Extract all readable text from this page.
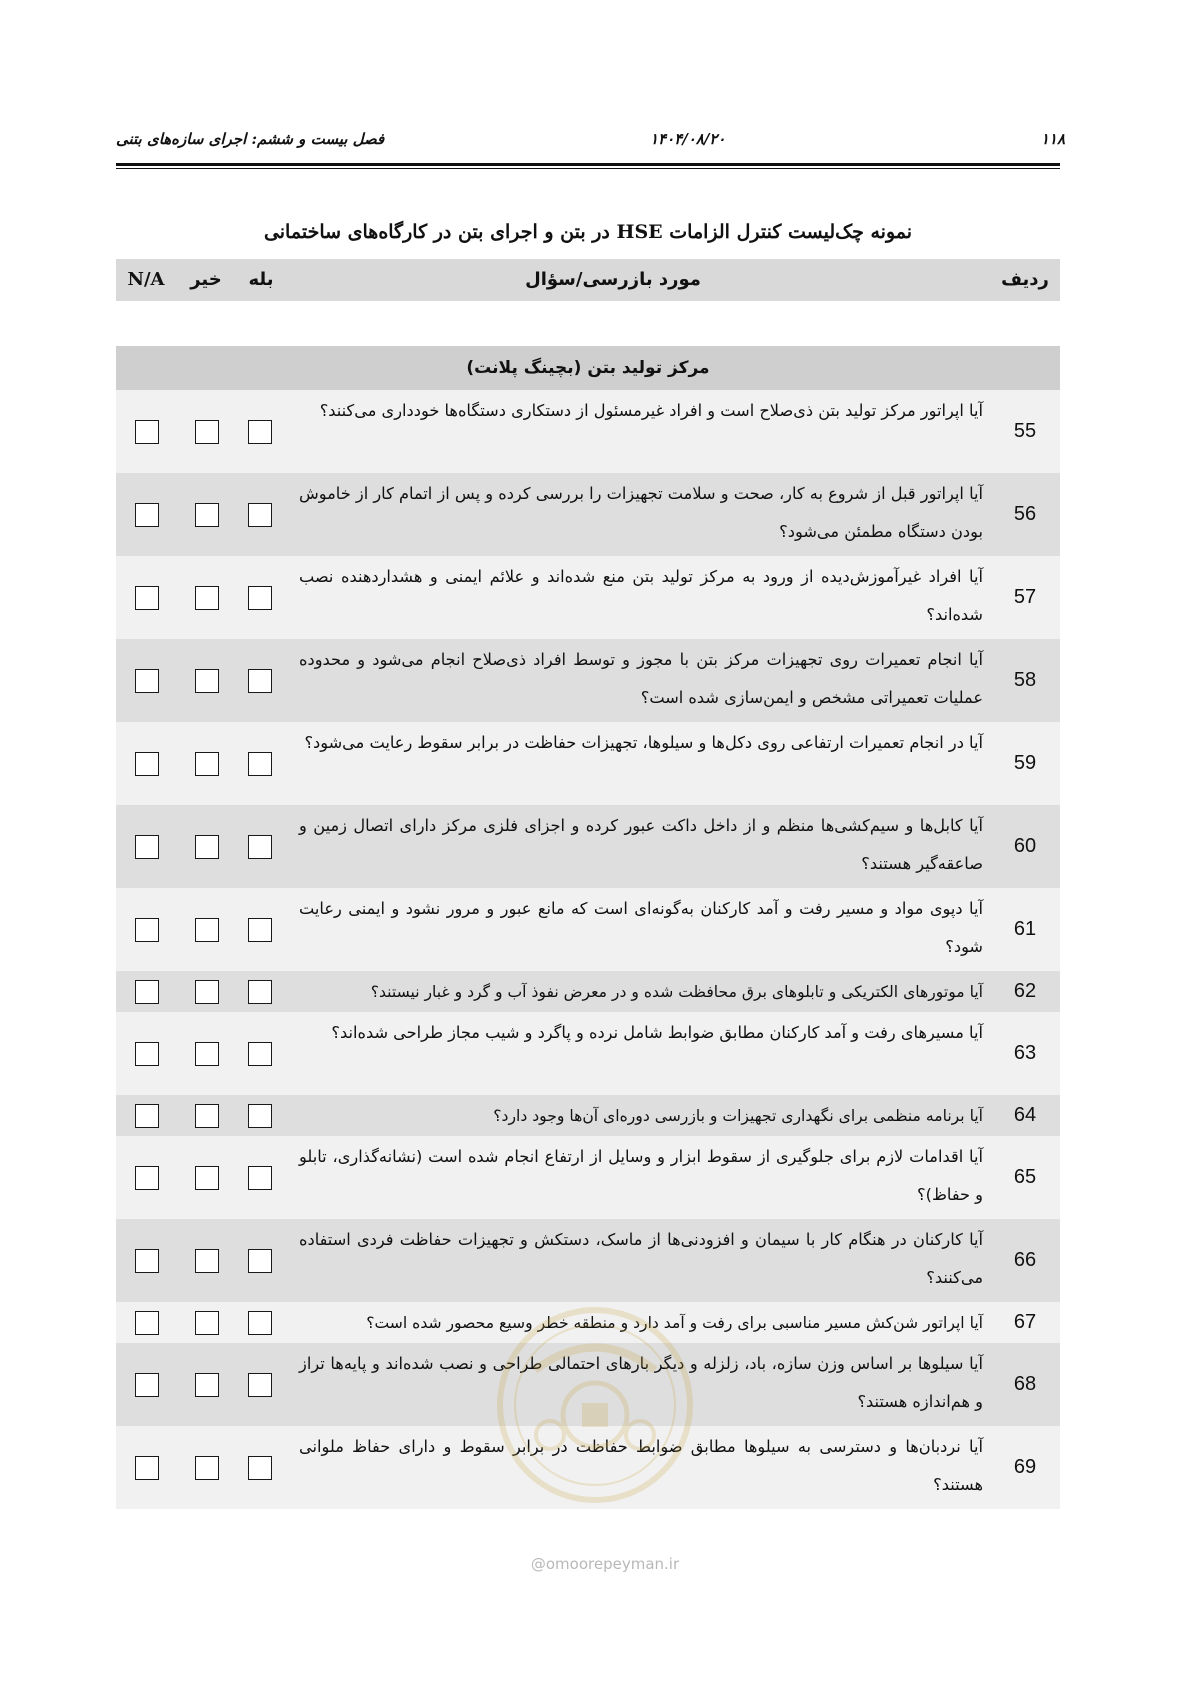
۱۱۸
۱۴۰۴/۰۸/۲۰
فصل بیست و ششم: اجرای سازه‌های بتنی
نمونه چک‌لیست کنترل الزامات HSE در بتن و اجرای بتن در کارگاه‌های ساختمانی
ردیف
مورد بازرسی/سؤال
بله
خیر
N/A
مرکز تولید بتن (بچینگ پلانت)
55
آیا اپراتور مرکز تولید بتن ذی‌صلاح است و افراد غیرمسئول از دستکاری دستگاه‌ها خودداری می‌کنند؟
56
آیا اپراتور قبل از شروع به کار، صحت و سلامت تجهیزات را بررسی کرده و پس از اتمام کار از خاموش بودن دستگاه مطمئن می‌شود؟
57
آیا افراد غیرآموزش‌دیده از ورود به مرکز تولید بتن منع شده‌اند و علائم ایمنی و هشداردهنده نصب شده‌اند؟
58
آیا انجام تعمیرات روی تجهیزات مرکز بتن با مجوز و توسط افراد ذی‌صلاح انجام می‌شود و محدوده عملیات تعمیراتی مشخص و ایمن‌سازی شده است؟
59
آیا در انجام تعمیرات ارتفاعی روی دکل‌ها و سیلوها، تجهیزات حفاظت در برابر سقوط رعایت می‌شود؟
60
آیا کابل‌ها و سیم‌کشی‌ها منظم و از داخل داکت عبور کرده و اجزای فلزی مرکز دارای اتصال زمین و صاعقه‌گیر هستند؟
61
آیا دپوی مواد و مسیر رفت و آمد کارکنان به‌گونه‌ای است که مانع عبور و مرور نشود و ایمنی رعایت شود؟
62
آیا موتورهای الکتریکی و تابلوهای برق محافظت شده و در معرض نفوذ آب و گرد و غبار نیستند؟
63
آیا مسیرهای رفت و آمد کارکنان مطابق ضوابط شامل نرده و پاگرد و شیب مجاز طراحی شده‌اند؟
64
آیا برنامه منظمی برای نگهداری تجهیزات و بازرسی دوره‌ای آن‌ها وجود دارد؟
65
آیا اقدامات لازم برای جلوگیری از سقوط ابزار و وسایل از ارتفاع انجام شده است (نشانه‌گذاری، تابلو و حفاظ)؟
66
آیا کارکنان در هنگام کار با سیمان و افزودنی‌ها از ماسک، دستکش و تجهیزات حفاظت فردی استفاده می‌کنند؟
67
آیا اپراتور شن‌کش مسیر مناسبی برای رفت و آمد دارد و منطقه خطر وسیع محصور شده است؟
68
آیا سیلوها بر اساس وزن سازه، باد، زلزله و دیگر بارهای احتمالی طراحی و نصب شده‌اند و پایه‌ها تراز و هم‌اندازه هستند؟
69
آیا نردبان‌ها و دسترسی به سیلوها مطابق ضوابط حفاظت در برابر سقوط و دارای حفاظ ملوانی هستند؟
@omoorepeyman.ir
